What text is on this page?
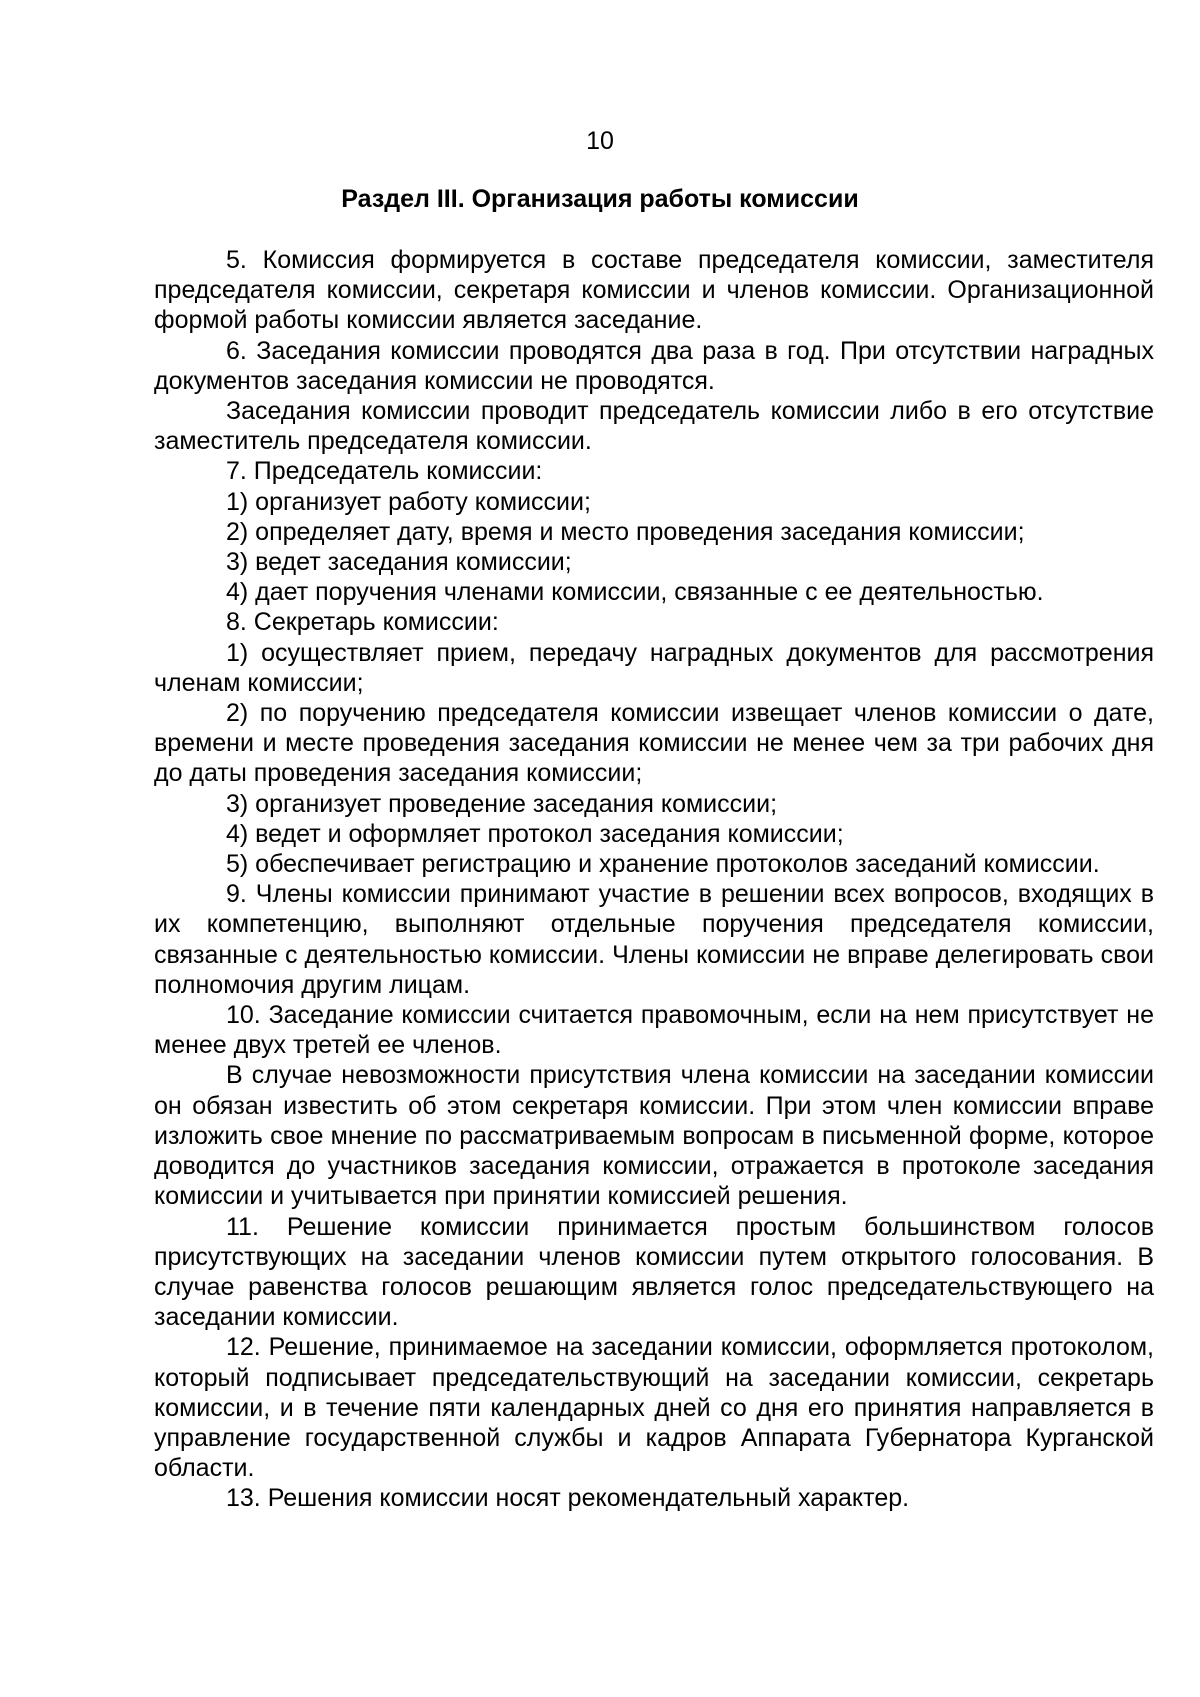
10
Раздел III. Организация работы комиссии

5. Комиссия формируется в составе председателя комиссии, заместителя председателя комиссии, секретаря комиссии и членов комиссии. Организационной формой работы комиссии является заседание.

6. Заседания комиссии проводятся два раза в год. При отсутствии наградных документов заседания комиссии не проводятся.

Заседания комиссии проводит председатель комиссии либо в его отсутствие заместитель председателя комиссии.

7. Председатель комиссии:

1) организует работу комиссии;

2) определяет дату, время и место проведения заседания комиссии;

3) ведет заседания комиссии;

4) дает поручения членами комиссии, связанные с ее деятельностью.

8. Секретарь комиссии:

1) осуществляет прием, передачу наградных документов для рассмотрения членам комиссии;

2) по поручению председателя комиссии извещает членов комиссии о дате, времени и месте проведения заседания комиссии не менее чем за три рабочих дня до даты проведения заседания комиссии;

3) организует проведение заседания комиссии;

4) ведет и оформляет протокол заседания комиссии;

5) обеспечивает регистрацию и хранение протоколов заседаний комиссии.

9. Члены комиссии принимают участие в решении всех вопросов, входящих в их компетенцию, выполняют отдельные поручения председателя комиссии, связанные с деятельностью комиссии. Члены комиссии не вправе делегировать свои полномочия другим лицам.

10. Заседание комиссии считается правомочным, если на нем присутствует не менее двух третей ее членов.

В случае невозможности присутствия члена комиссии на заседании комиссии он обязан известить об этом секретаря комиссии. При этом член комиссии вправе изложить свое мнение по рассматриваемым вопросам в письменной форме, которое доводится до участников заседания комиссии, отражается в протоколе заседания комиссии и учитывается при принятии комиссией решения.

11. Решение комиссии принимается простым большинством голосов присутствующих на заседании членов комиссии путем открытого голосования. В случае равенства голосов решающим является голос председательствующего на заседании комиссии.

12. Решение, принимаемое на заседании комиссии, оформляется протоколом, который подписывает председательствующий на заседании комиссии, секретарь комиссии, и в течение пяти календарных дней со дня его принятия направляется в управление государственной службы и кадров Аппарата Губернатора Курганской области.

13. Решения комиссии носят рекомендательный характер.
